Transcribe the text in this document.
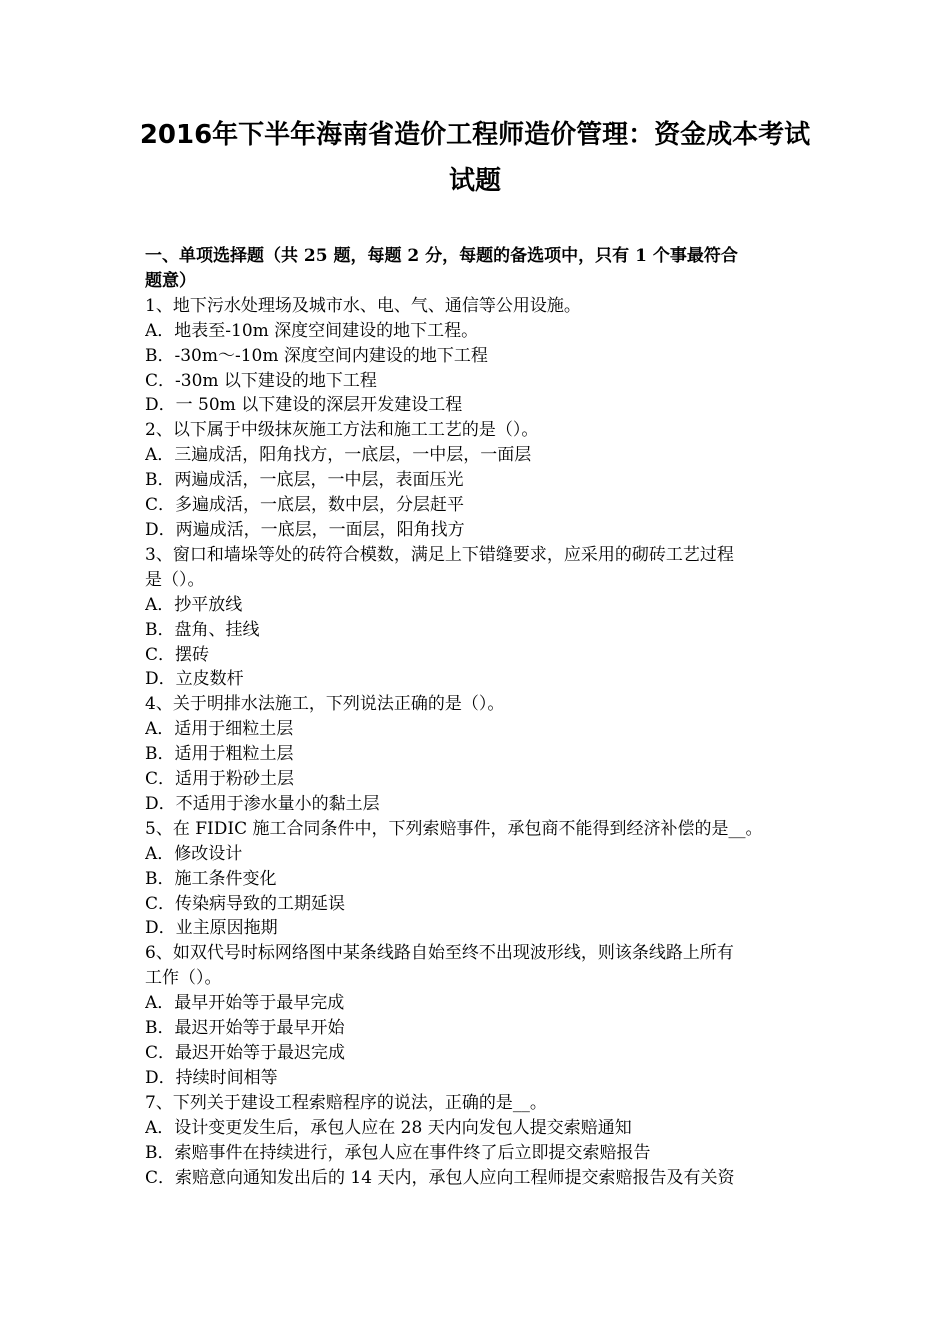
2016年下半年海南省造价工程师造价管理：资金成本考试
试题
一、单项选择题（共 25 题，每题 2 分，每题的备选项中，只有 1 个事最符合
题意）
1、地下污水处理场及城市水、电、气、通信等公用设施。
A．地表至-10m 深度空间建设的地下工程。
B．-30m～-10m 深度空间内建设的地下工程
C．-30m 以下建设的地下工程
D．一 50m 以下建设的深层开发建设工程
2、以下属于中级抹灰施工方法和施工工艺的是（）。
A．三遍成活，阳角找方，一底层，一中层，一面层
B．两遍成活，一底层，一中层，表面压光
C．多遍成活，一底层，数中层，分层赶平
D．两遍成活，一底层，一面层，阳角找方
3、窗口和墙垛等处的砖符合模数，满足上下错缝要求，应采用的砌砖工艺过程
是（）。
A．抄平放线
B．盘角、挂线
C．摆砖
D．立皮数杆
4、关于明排水法施工，下列说法正确的是（）。
A．适用于细粒土层
B．适用于粗粒土层
C．适用于粉砂土层
D．不适用于渗水量小的黏土层
5、在 FIDIC 施工合同条件中，下列索赔事件，承包商不能得到经济补偿的是__。
A．修改设计
B．施工条件变化
C．传染病导致的工期延误
D．业主原因拖期
6、如双代号时标网络图中某条线路自始至终不出现波形线，则该条线路上所有
工作（）。
A．最早开始等于最早完成
B．最迟开始等于最早开始
C．最迟开始等于最迟完成
D．持续时间相等
7、下列关于建设工程索赔程序的说法，正确的是__。
A．设计变更发生后，承包人应在 28 天内向发包人提交索赔通知
B．索赔事件在持续进行，承包人应在事件终了后立即提交索赔报告
C．索赔意向通知发出后的 14 天内，承包人应向工程师提交索赔报告及有关资
